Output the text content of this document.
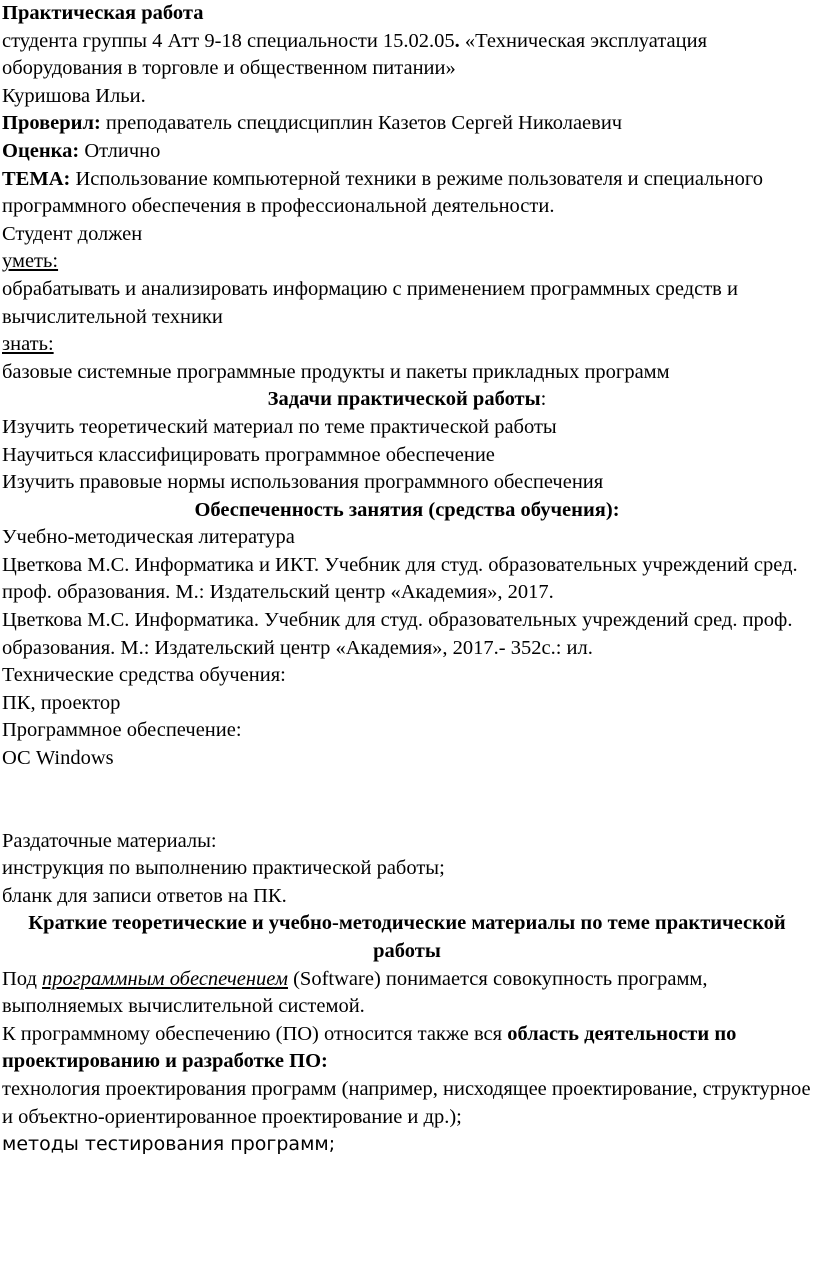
Практическая работа

студента группы 4 Атт 9-18 специальности 15.02.05. «Техническая эксплуатация оборудования в торговле и общественном питании»

Куришова Ильи.

Проверил: преподаватель спецдисциплин Казетов Сергей Николаевич

Оценка: Отлично

ТЕМА: Использование компьютерной техники в режиме пользователя и специального программного обеспечения в профессиональной деятельности.

Студент должен

уметь:

обрабатывать и анализировать информацию с применением программных средств и вычислительной техники

знать:

базовые системные программные продукты и пакеты прикладных программ

Задачи практической работы:

Изучить теоретический материал по теме практической работы

Научиться классифицировать программное обеспечение

Изучить правовые нормы использования программного обеспечения

Обеспеченность занятия (средства обучения):

Учебно-методическая литература

Цветкова М.С. Информатика и ИКТ. Учебник для студ. образовательных учреждений сред. проф. образования. М.: Издательский центр «Академия», 2017.

Цветкова М.С. Информатика. Учебник для студ. образовательных учреждений сред. проф. образования. М.: Издательский центр «Академия», 2017.- 352с.: ил.

Технические средства обучения:

ПК, проектор

Программное обеспечение:

ОС Windows

Раздаточные материалы:

инструкция по выполнению практической работы;

бланк для записи ответов на ПК.

Краткие теоретические и учебно-методические материалы по теме практической работы

Под программным обеспечением (Software) понимается совокупность программ, выполняемых вычислительной системой.

К программному обеспечению (ПО) относится также вся область деятельности по проектированию и разработке ПО:

технология проектирования программ (например, нисходящее проектирование, структурное и объектно-ориентированное проектирование и др.);

методы тестирования программ;
